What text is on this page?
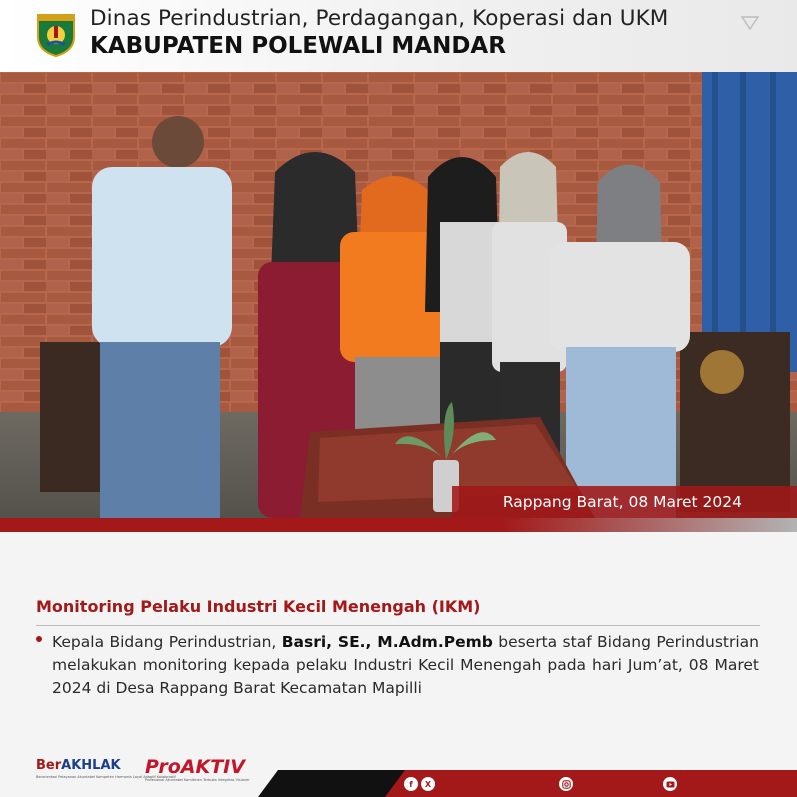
Dinas Perindustrian, Perdagangan, Koperasi dan UKM
KABUPATEN POLEWALI MANDAR
Rappang Barat, 08 Maret 2024
Monitoring Pelaku Industri Kecil Menengah (IKM)
Kepala Bidang Perindustrian, Basri, SE., M.Adm.Pemb beserta staf Bidang Perindustrian melakukan monitoring kepada pelaku Industri Kecil Menengah pada hari Jum’at, 08 Maret 2024 di Desa Rappang Barat Kecamatan Mapilli
BerAKHLAK
Berorientasi Pelayanan Akuntabel Kompeten Harmonis Loyal Adaptif Kolaboratif
ProAKTIV
Profesional Akuntabel Komitmen Terbuka Integritas Visioner	f	X
